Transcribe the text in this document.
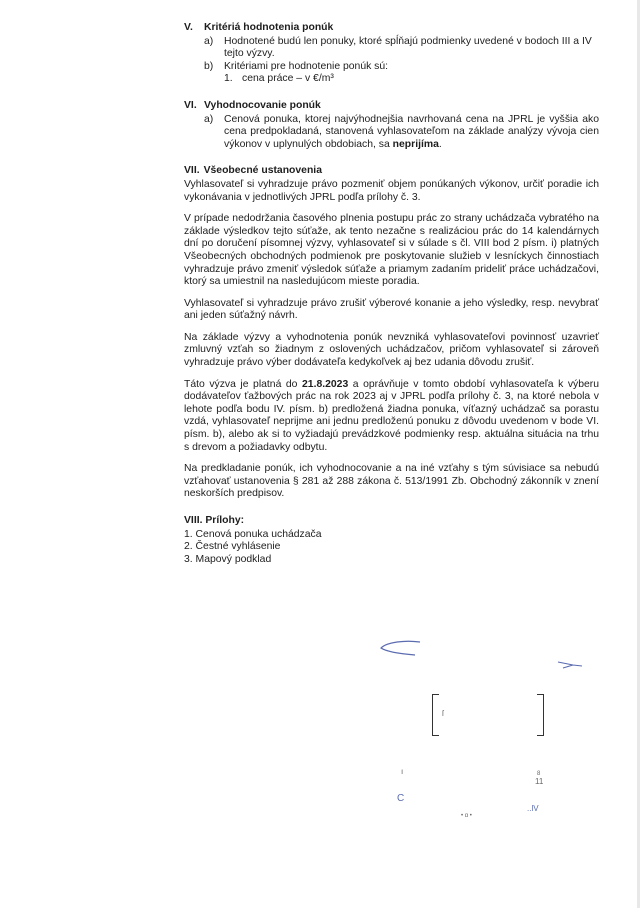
V. Kritériá hodnotenia ponúk
a)	Hodnotené budú len ponuky, ktoré spĺňajú podmienky uvedené v bodoch III a IV tejto výzvy.
b)	Kritériami pre hodnotenie ponúk sú:
1. cena práce – v €/m³
VI. Vyhodnocovanie ponúk
a)	Cenová ponuka, ktorej najvýhodnejšia navrhovaná cena na JPRL je vyššia ako cena predpokladaná, stanovená vyhlasovateľom na základe analýzy vývoja cien výkonov v uplynulých obdobiach, sa neprijíma.
VII. Všeobecné ustanovenia

Vyhlasovateľ si vyhradzuje právo pozmeniť objem ponúkaných výkonov, určiť poradie ich vykonávania v jednotlivých JPRL podľa prílohy č. 3.

V prípade nedodržania časového plnenia postupu prác zo strany uchádzača vybratého na základe výsledkov tejto súťaže, ak tento nezačne s realizáciou prác do 14 kalendárnych dní po doručení písomnej výzvy, vyhlasovateľ si v súlade s čl. VIII bod 2 písm. i) platných Všeobecných obchodných podmienok pre poskytovanie služieb v lesníckych činnostiach vyhradzuje právo zmeniť výsledok súťaže a priamym zadaním prideliť práce uchádzačovi, ktorý sa umiestnil na nasledujúcom mieste poradia.

Vyhlasovateľ si vyhradzuje právo zrušiť výberové konanie a jeho výsledky, resp. nevybrať ani jeden súťažný návrh.

Na základe výzvy a vyhodnotenia ponúk nevzniká vyhlasovateľovi povinnosť uzavrieť zmluvný vzťah so žiadnym z oslovených uchádzačov, pričom vyhlasovateľ si zároveň vyhradzuje právo výber dodávateľa kedykoľvek aj bez udania dôvodu zrušiť.

Táto výzva je platná do 21.8.2023 a oprávňuje v tomto období vyhlasovateľa k výberu dodávateľov ťažbových prác na rok 2023 aj v JPRL podľa prílohy č. 3, na ktoré nebola v lehote podľa bodu IV. písm. b) predložená žiadna ponuka, víťazný uchádzač sa porastu vzdá, vyhlasovateľ neprijme ani jednu predloženú ponuku z dôvodu uvedenom v bode VI. písm. b), alebo ak si to vyžiadajú prevádzkové podmienky resp. aktuálna situácia na trhu s drevom a požiadavky odbytu.

Na predkladanie ponúk, ich vyhodnocovanie a na iné vzťahy s tým súvisiace sa nebudú vzťahovať ustanovenia § 281 až 288 zákona č. 513/1991 Zb. Obchodný zákonník v znení neskorších predpisov.

VIII. Prílohy:
1. Cenová ponuka uchádzača
2. Čestné vyhlásenie
3. Mapový podklad
ſ
ı	8
11
C
• ɑ •
..lV
